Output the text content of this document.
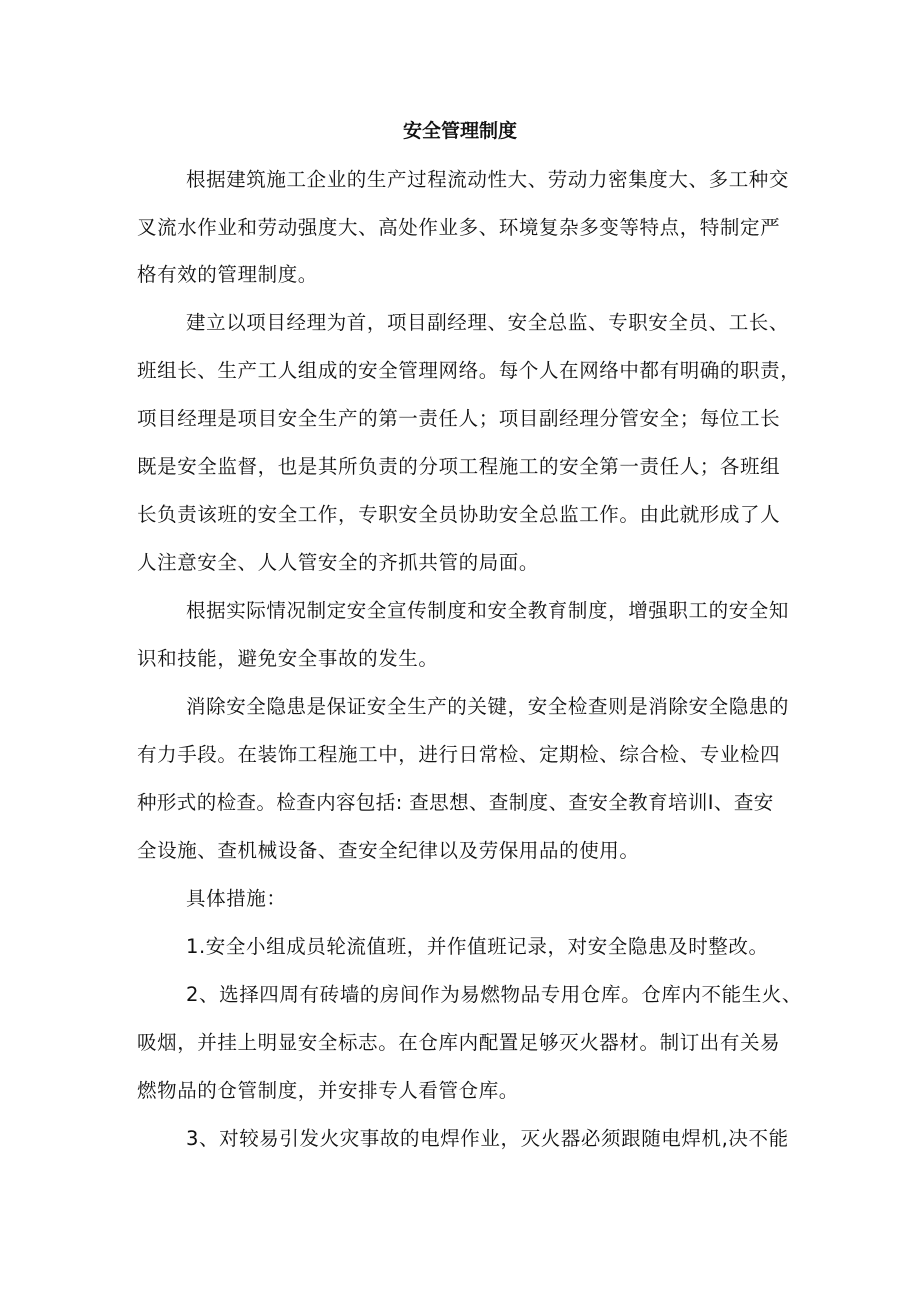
安全管理制度
根据建筑施工企业的生产过程流动性大、劳动力密集度大、多工种交
叉流水作业和劳动强度大、高处作业多、环境复杂多变等特点，特制定严
格有效的管理制度。
建立以项目经理为首，项目副经理、安全总监、专职安全员、工长、
班组长、生产工人组成的安全管理网络。每个人在网络中都有明确的职责，
项目经理是项目安全生产的第一责任人；项目副经理分管安全；每位工长
既是安全监督，也是其所负责的分项工程施工的安全第一责任人；各班组
长负责该班的安全工作，专职安全员协助安全总监工作。由此就形成了人
人注意安全、人人管安全的齐抓共管的局面。
根据实际情况制定安全宣传制度和安全教育制度，增强职工的安全知
识和技能，避免安全事故的发生。
消除安全隐患是保证安全生产的关键，安全检查则是消除安全隐患的
有力手段。在装饰工程施工中，进行日常检、定期检、综合检、专业检四
种形式的检查。检查内容包括: 查思想、查制度、查安全教育培训Ⅰ、查安
全设施、查机械设备、查安全纪律以及劳保用品的使用。
具体措施：
1.安全小组成员轮流值班，并作值班记录，对安全隐患及时整改。
2、选择四周有砖墙的房间作为易燃物品专用仓库。仓库内不能生火、
吸烟，并挂上明显安全标志。在仓库内配置足够灭火器材。制订出有关易
燃物品的仓管制度，并安排专人看管仓库。
3、对较易引发火灾事故的电焊作业，灭火器必须跟随电焊机,决不能
